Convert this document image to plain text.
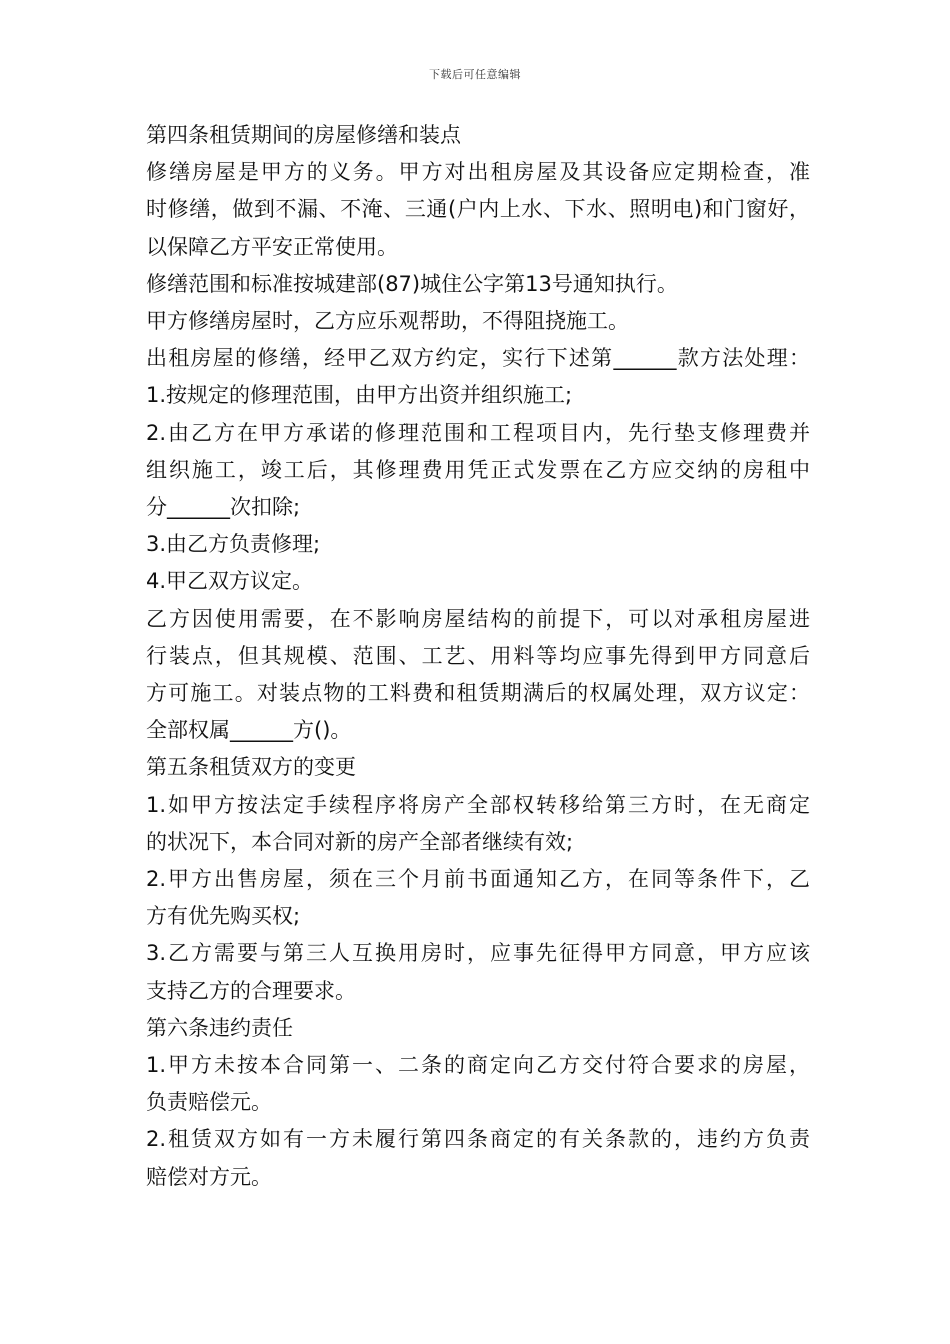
下载后可任意编辑
第四条租赁期间的房屋修缮和装点
修缮房屋是甲方的义务。甲方对出租房屋及其设备应定期检查，准
时修缮，做到不漏、不淹、三通(户内上水、下水、照明电)和门窗好，
以保障乙方平安正常使用。
修缮范围和标准按城建部(87)城住公字第13号通知执行。
甲方修缮房屋时，乙方应乐观帮助，不得阻挠施工。
出租房屋的修缮，经甲乙双方约定，实行下述第______款方法处理：
1.按规定的修理范围，由甲方出资并组织施工;
2.由乙方在甲方承诺的修理范围和工程项目内，先行垫支修理费并
组织施工，竣工后，其修理费用凭正式发票在乙方应交纳的房租中
分______次扣除;
3.由乙方负责修理;
4.甲乙双方议定。
乙方因使用需要，在不影响房屋结构的前提下，可以对承租房屋进
行装点，但其规模、范围、工艺、用料等均应事先得到甲方同意后
方可施工。对装点物的工料费和租赁期满后的权属处理，双方议定：
全部权属______方()。
第五条租赁双方的变更
1.如甲方按法定手续程序将房产全部权转移给第三方时，在无商定
的状况下，本合同对新的房产全部者继续有效;
2.甲方出售房屋，须在三个月前书面通知乙方，在同等条件下，乙
方有优先购买权;
3.乙方需要与第三人互换用房时，应事先征得甲方同意，甲方应该
支持乙方的合理要求。
第六条违约责任
1.甲方未按本合同第一、二条的商定向乙方交付符合要求的房屋，
负责赔偿元。
2.租赁双方如有一方未履行第四条商定的有关条款的，违约方负责
赔偿对方元。
